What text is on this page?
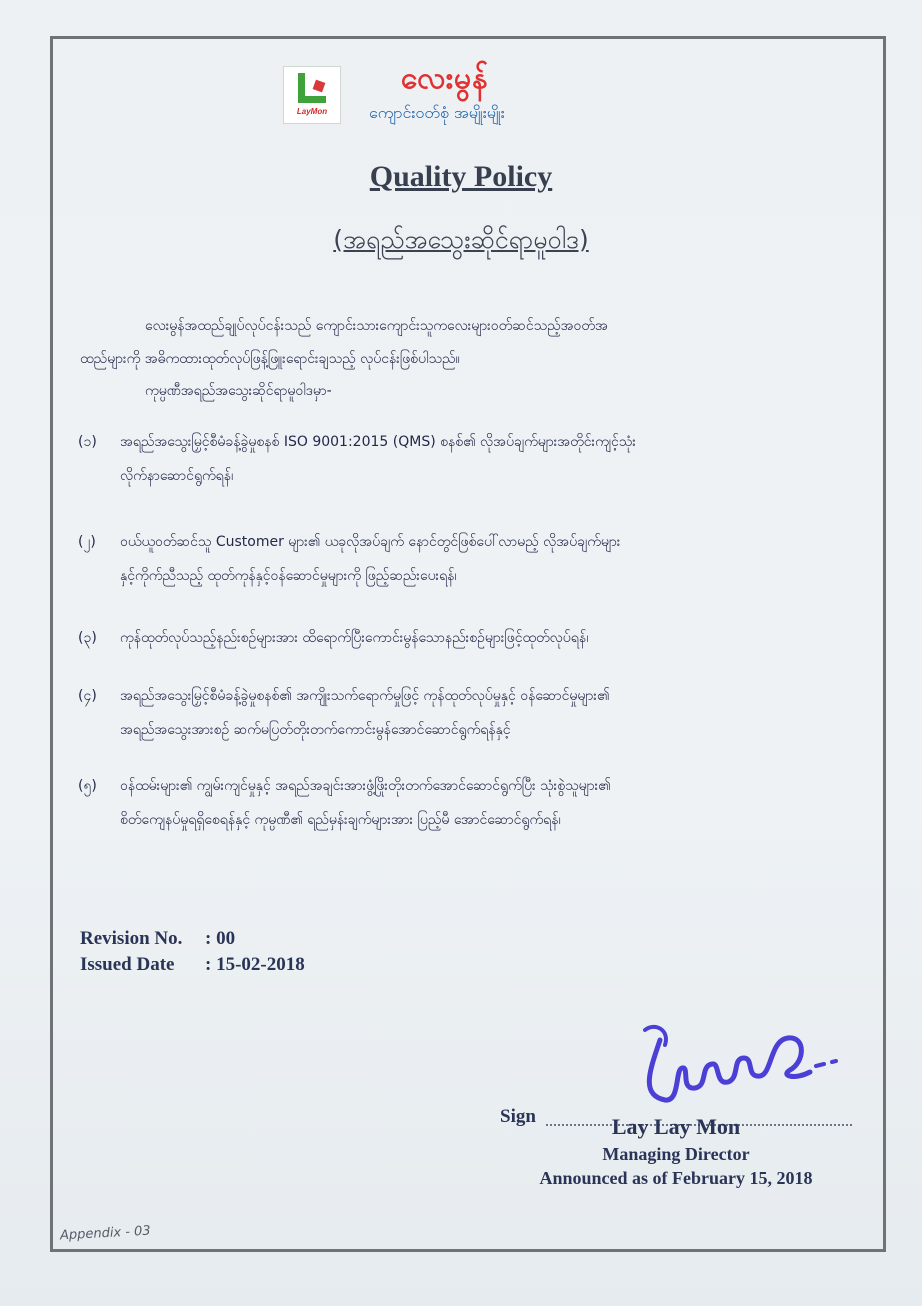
LayMon
လေးမွန်
ကျောင်းဝတ်စုံ အမျိုးမျိုး
Quality Policy
(အရည်အသွေးဆိုင်ရာမူဝါဒ)
လေးမွန်အထည်ချုပ်လုပ်ငန်းသည် ကျောင်းသားကျောင်းသူကလေးများဝတ်ဆင်သည့်အဝတ်အ
ထည်များကို အဓိကထားထုတ်လုပ်ဖြန့်ဖြူးရောင်းချသည့် လုပ်ငန်းဖြစ်ပါသည်။
ကုမ္ပဏီအရည်အသွေးဆိုင်ရာမူဝါဒမှာ-
(၁)	အရည်အသွေးမြှင့်စီမံခန့်ခွဲမှုစနစ် ISO 9001:2015 (QMS) စနစ်၏ လိုအပ်ချက်များအတိုင်းကျင့်သုံး
လိုက်နာဆောင်ရွက်ရန်၊
(၂)	ဝယ်ယူဝတ်ဆင်သူ Customer များ၏ ယခုလိုအပ်ချက် နောင်တွင်ဖြစ်ပေါ်လာမည့် လိုအပ်ချက်များ
နှင့်ကိုက်ညီသည့် ထုတ်ကုန်နှင့်ဝန်ဆောင်မှုများကို ဖြည့်ဆည်းပေးရန်၊
(၃)	ကုန်ထုတ်လုပ်သည့်နည်းစဉ်များအား ထိရောက်ပြီးကောင်းမွန်သောနည်းစဉ်များဖြင့်ထုတ်လုပ်ရန်၊
(၄)	အရည်အသွေးမြှင့်စီမံခန့်ခွဲမှုစနစ်၏ အကျိုးသက်ရောက်မှုဖြင့် ကုန်ထုတ်လုပ်မှုနှင့် ဝန်ဆောင်မှုများ၏
အရည်အသွေးအားစဉ် ဆက်မပြတ်တိုးတက်ကောင်းမွန်အောင်ဆောင်ရွက်ရန်နှင့်
(၅)	ဝန်ထမ်းများ၏ ကျွမ်းကျင်မှုနှင့် အရည်အချင်းအားဖွံ့ဖြိုးတိုးတက်အောင်ဆောင်ရွက်ပြီး သုံးစွဲသူများ၏
စိတ်ကျေနပ်မှုရရှိစေရန်နှင့် ကုမ္ပဏီ၏ ရည်မှန်းချက်များအား ပြည့်မီ အောင်ဆောင်ရွက်ရန်၊
Revision No. : 00
Issued Date : 15-02-2018
Sign	Lay Lay Mon
Managing Director
Announced as of February 15, 2018
Appendix - 03
